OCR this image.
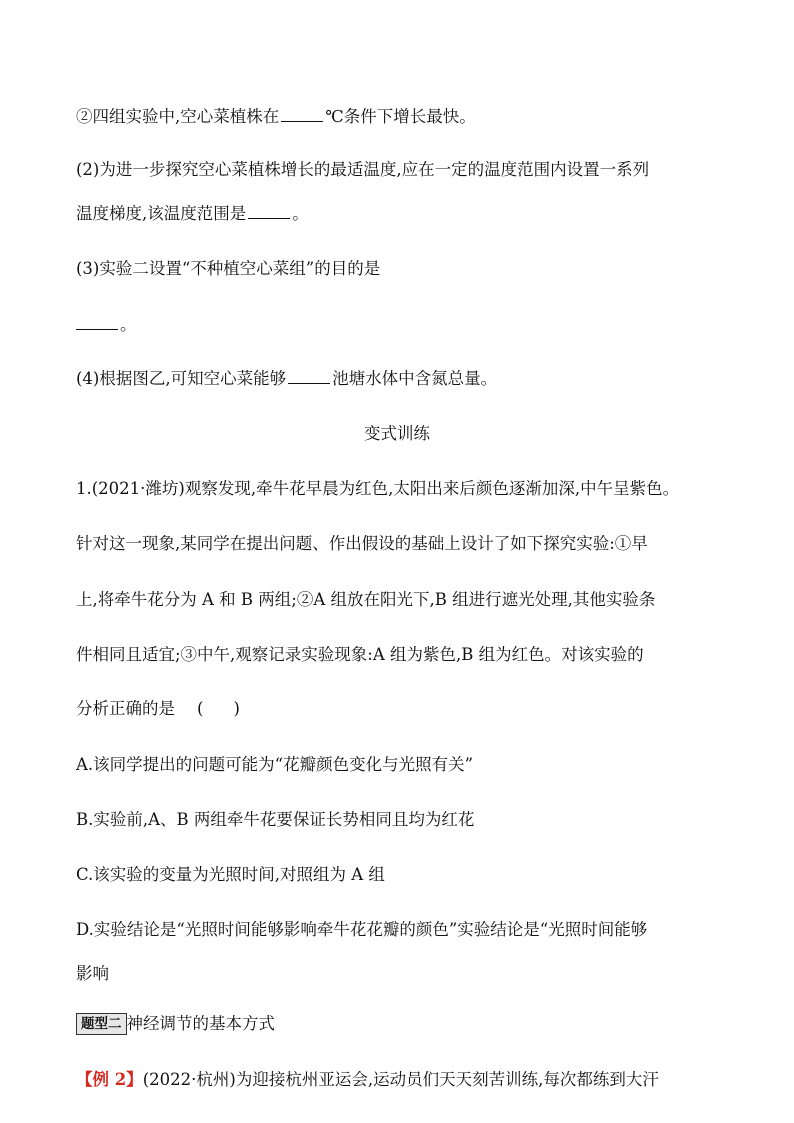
②四组实验中,空心菜植株在	℃条件下增长最快。
(2)为进一步探究空心菜植株增长的最适温度,应在一定的温度范围内设置一系列
温度梯度,该温度范围是	。
(3)实验二设置“不种植空心菜组”的目的是
。
(4)根据图乙,可知空心菜能够	池塘水体中含氮总量。
变式训练
1.(2021·潍坊)观察发现,牵牛花早晨为红色,太阳出来后颜色逐渐加深,中午呈紫色。
针对这一现象,某同学在提出问题、作出假设的基础上设计了如下探究实验:①早
上,将牵牛花分为 A 和 B 两组;②A 组放在阳光下,B 组进行遮光处理,其他实验条
件相同且适宜;③中午,观察记录实验现象:A 组为紫色,B 组为红色。对该实验的
分析正确的是 ( )
A.该同学提出的问题可能为“花瓣颜色变化与光照有关”
B.实验前,A、B 两组牵牛花要保证长势相同且均为红花
C.该实验的变量为光照时间,对照组为 A 组
D.实验结论是“光照时间能够影响牵牛花花瓣的颜色”实验结论是“光照时间能够
影响
题型二 神经调节的基本方式
【例 2】(2022·杭州)为迎接杭州亚运会,运动员们天天刻苦训练,每次都练到大汗
